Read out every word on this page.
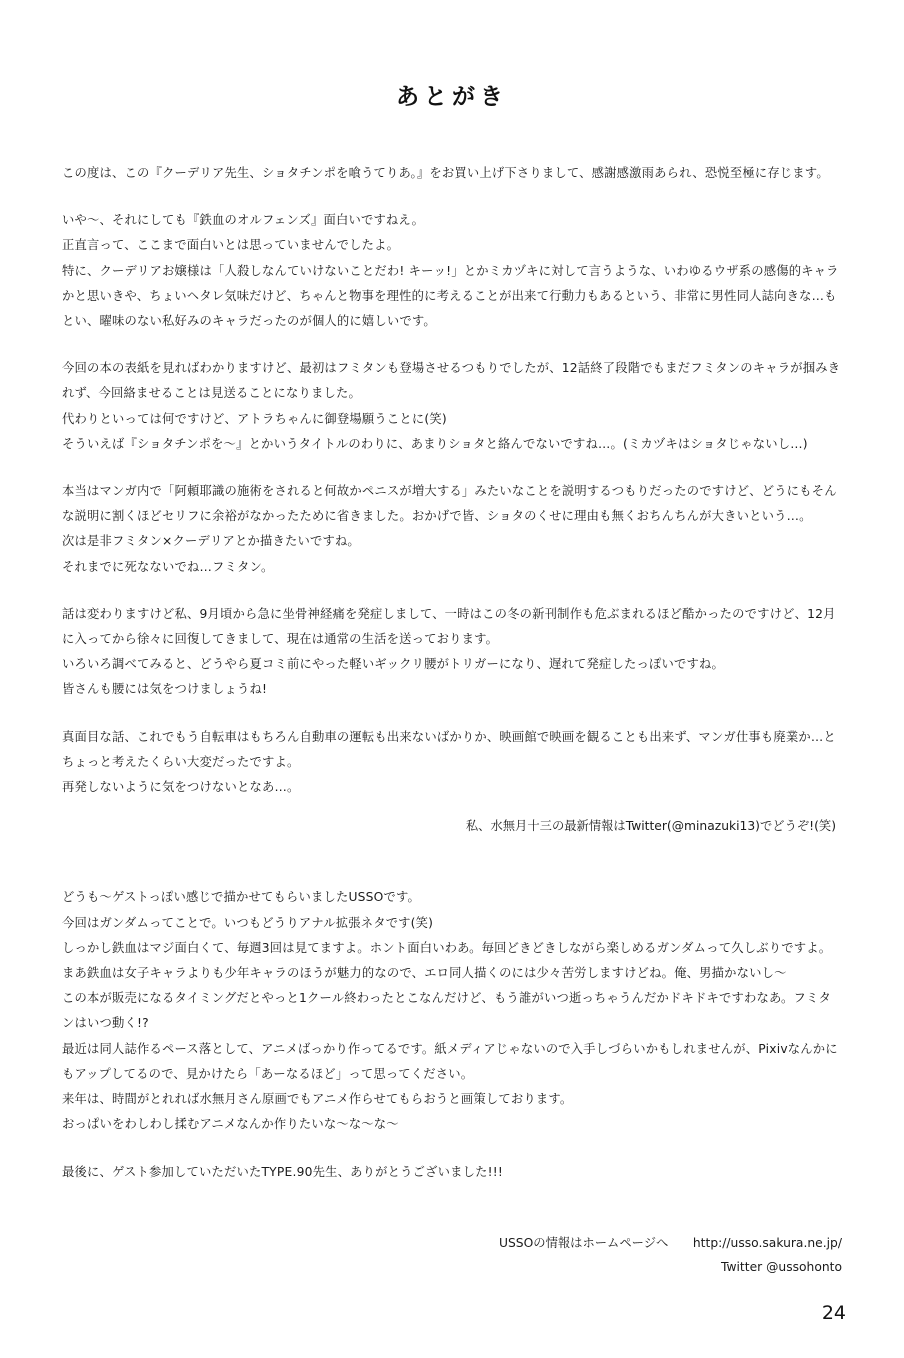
あとがき

この度は、この『クーデリア先生、ショタチンポを喰うてりあ。』をお買い上げ下さりまして、感謝感激雨あられ、恐悦至極に存じます。

いや～、それにしても『鉄血のオルフェンズ』面白いですねえ。

正直言って、ここまで面白いとは思っていませんでしたよ。

特に、クーデリアお嬢様は「人殺しなんていけないことだわ! キーッ!」とかミカヅキに対して言うような、いわゆるウザ系の感傷的キャラかと思いきや、ちょいヘタレ気味だけど、ちゃんと物事を理性的に考えることが出来て行動力もあるという、非常に男性同人誌向きな…もとい、曜味のない私好みのキャラだったのが個人的に嬉しいです。

今回の本の表紙を見ればわかりますけど、最初はフミタンも登場させるつもりでしたが、12話終了段階でもまだフミタンのキャラが掴みきれず、今回絡ませることは見送ることになりました。

代わりといっては何ですけど、アトラちゃんに御登場願うことに(笑)

そういえば『ショタチンポを～』とかいうタイトルのわりに、あまりショタと絡んでないですね…。(ミカヅキはショタじゃないし…)

本当はマンガ内で「阿頼耶識の施術をされると何故かペニスが増大する」みたいなことを説明するつもりだったのですけど、どうにもそんな説明に割くほどセリフに余裕がなかったために省きました。おかげで皆、ショタのくせに理由も無くおちんちんが大きいという…。

次は是非フミタン×クーデリアとか描きたいですね。

それまでに死なないでね…フミタン。

話は変わりますけど私、9月頃から急に坐骨神経痛を発症しまして、一時はこの冬の新刊制作も危ぶまれるほど酷かったのですけど、12月に入ってから徐々に回復してきまして、現在は通常の生活を送っております。

いろいろ調べてみると、どうやら夏コミ前にやった軽いギックリ腰がトリガーになり、遅れて発症したっぽいですね。

皆さんも腰には気をつけましょうね!

真面目な話、これでもう自転車はもちろん自動車の運転も出来ないばかりか、映画館で映画を観ることも出来ず、マンガ仕事も廃業か…とちょっと考えたくらい大変だったですよ。

再発しないように気をつけないとなあ…。

私、水無月十三の最新情報はTwitter(@minazuki13)でどうぞ!(笑)

どうも～ゲストっぽい感じで描かせてもらいましたUSSOです。

今回はガンダムってことで。いつもどうりアナル拡張ネタです(笑)

しっかし鉄血はマジ面白くて、毎週3回は見てますよ。ホント面白いわあ。毎回どきどきしながら楽しめるガンダムって久しぶりですよ。

まあ鉄血は女子キャラよりも少年キャラのほうが魅力的なので、エロ同人描くのには少々苦労しますけどね。俺、男描かないし～

この本が販売になるタイミングだとやっと1クール終わったとこなんだけど、もう誰がいつ逝っちゃうんだかドキドキですわなあ。フミタンはいつ動く!?

最近は同人誌作るペース落として、アニメばっかり作ってるです。紙メディアじゃないので入手しづらいかもしれませんが、Pixivなんかにもアップしてるので、見かけたら「あーなるほど」って思ってください。

来年は、時間がとれれば水無月さん原画でもアニメ作らせてもらおうと画策しております。

おっぱいをわしわし揉むアニメなんか作りたいな～な～な～

最後に、ゲスト参加していただいたTYPE.90先生、ありがとうございました!!!

USSOの情報はホームページへ　　http://usso.sakura.ne.jp/
Twitter @ussohonto
24
